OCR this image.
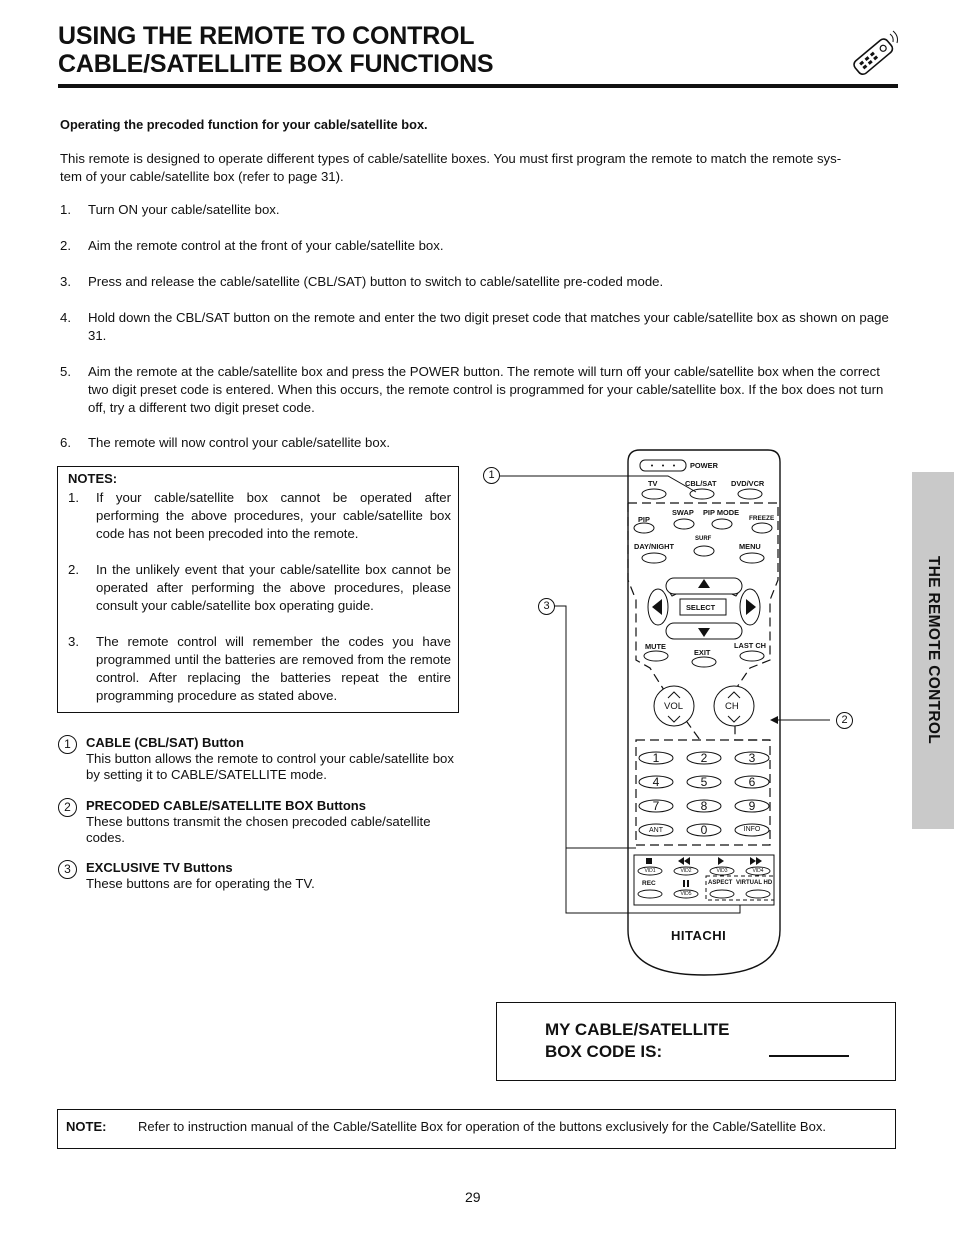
USING THE REMOTE TO CONTROL
CABLE/SATELLITE BOX FUNCTIONS
Operating the precoded function for your cable/satellite box.
This remote is designed to operate different types of cable/satellite boxes. You must first program the remote to match the remote sys-
tem of your cable/satellite box (refer to page 31).
1. Turn ON your cable/satellite box.
2. Aim the remote control at the front of your cable/satellite box.
3. Press and release the cable/satellite (CBL/SAT) button to switch to cable/satellite pre-coded mode.
4. Hold down the CBL/SAT button on the remote and enter the two digit preset code that matches your cable/satellite box as shown on page 31.
5. Aim the remote at the cable/satellite box and press the POWER button. The remote will turn off your cable/satellite box when the correct two digit preset code is entered. When this occurs, the remote control is programmed for your cable/satellite box. If the box does not turn off, try a different two digit preset code.
6. The remote will now control your cable/satellite box.
NOTES:
1. If your cable/satellite box cannot be operated after performing the above procedures, your cable/satellite box code has not been precoded into the remote.
2. In the unlikely event that your cable/satellite box cannot be operated after performing the above procedures, please consult your cable/satellite box operating guide.
3. The remote control will remember the codes you have programmed until the batteries are removed from the remote control. After replacing the batteries repeat the entire programming procedure as stated above.
1	CABLE (CBL/SAT) Button
This button allows the remote to control your cable/satellite box by setting it to CABLE/SATELLITE mode.
2	PRECODED CABLE/SATELLITE BOX Buttons
These buttons transmit the chosen precoded cable/satellite codes.
3	EXCLUSIVE TV Buttons
These buttons are for operating the TV.
THE REMOTE CONTROL
POWER
TV	CBL/SAT DVD/VCR
PIP
SWAP PIP MODE
FREEZE
SURF
DAY/NIGHT	MENU
SELECT
MUTE
EXIT
LAST CH
VOL	CH
1	2	3
4	5	6
7	8	9
0
ANT	INFO
VID1	VID2	VID3	VID4
REC
VID5
ASPECT VIRTUAL HD
HITACHI
1
2
3
MY CABLE/SATELLITE
BOX CODE IS:
NOTE: Refer to instruction manual of the Cable/Satellite Box for operation of the buttons exclusively for the Cable/Satellite Box.
29
